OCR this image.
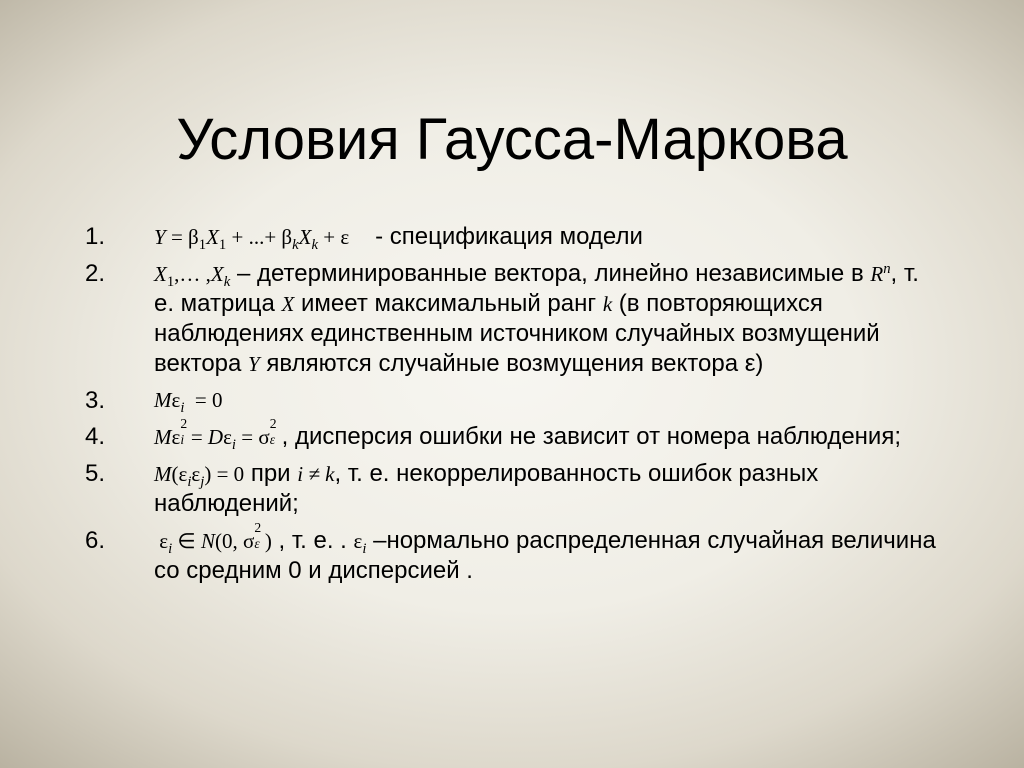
Условия Гаусса-Маркова
1. $Y = \beta_1X_1$ + ...+ $\beta_kX_k + \varepsilon$  - спецификация модели
2. $X_1,\dots$ $,X_k$ – детерминированные вектора, линейно независимые в $R^n$, т. е. матрица X имеет максимальный ранг k (в повторяющихся наблюдениях единственным источником случайных возмущений вектора Y являются случайные возмущения вектора ε)
3. $M\varepsilon_i = 0$
4. Mε
2
$i = D\varepsilon_i = \sigma$
2
ε , дисперсия ошибки не зависит от номера наблюдения;
5. $M(\varepsilon_i\varepsilon_j) = 0$ при i ≠ k, т. е. некоррелированность ошибок разных наблюдений;
6. $\varepsilon_i$ ∈ N(0, σ
2
ε ) , т. е. . $\varepsilon_i$ –нормально распределенная случайная величина со средним 0 и дисперсией .
